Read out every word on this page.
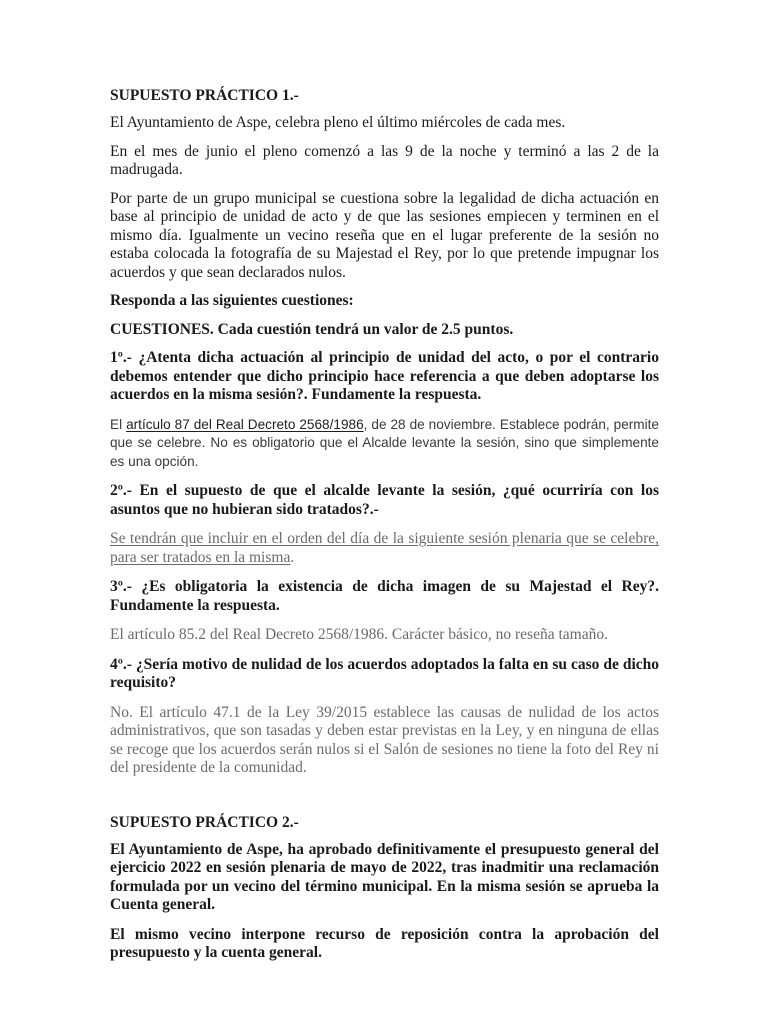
SUPUESTO PRÁCTICO 1.-

El Ayuntamiento de Aspe, celebra pleno el último miércoles de cada mes.

En el mes de junio el pleno comenzó a las 9 de la noche y terminó a las 2 de la madrugada.

Por parte de un grupo municipal se cuestiona sobre la legalidad de dicha actuación en base al principio de unidad de acto y de que las sesiones empiecen y terminen en el mismo día. Igualmente un vecino reseña que en el lugar preferente de la sesión no estaba colocada la fotografía de su Majestad el Rey, por lo que pretende impugnar los acuerdos y que sean declarados nulos.

Responda a las siguientes cuestiones:

CUESTIONES. Cada cuestión tendrá un valor de 2.5 puntos.

1º.- ¿Atenta dicha actuación al principio de unidad del acto, o por el contrario debemos entender que dicho principio hace referencia a que deben adoptarse los acuerdos en la misma sesión?. Fundamente la respuesta.

El artículo 87 del Real Decreto 2568/1986, de 28 de noviembre. Establece podrán, permite que se celebre. No es obligatorio que el Alcalde levante la sesión, sino que simplemente es una opción.

2º.- En el supuesto de que el alcalde levante la sesión, ¿qué ocurriría con los asuntos que no hubieran sido tratados?.-

Se tendrán que incluir en el orden del día de la siguiente sesión plenaria que se celebre, para ser tratados en la misma.

3º.- ¿Es obligatoria la existencia de dicha imagen de su Majestad el Rey?. Fundamente la respuesta.

El artículo 85.2 del Real Decreto 2568/1986. Carácter básico, no reseña tamaño.

4º.- ¿Sería motivo de nulidad de los acuerdos adoptados la falta en su caso de dicho requisito?

No. El artículo 47.1 de la Ley 39/2015 establece las causas de nulidad de los actos administrativos, que son tasadas y deben estar previstas en la Ley, y en ninguna de ellas se recoge que los acuerdos serán nulos si el Salón de sesiones no tiene la foto del Rey ni del presidente de la comunidad.

SUPUESTO PRÁCTICO 2.-

El Ayuntamiento de Aspe, ha aprobado definitivamente el presupuesto general del ejercicio 2022 en sesión plenaria de mayo de 2022, tras inadmitir una reclamación formulada por un vecino del término municipal. En la misma sesión se aprueba la Cuenta general.

El mismo vecino interpone recurso de reposición contra la aprobación del presupuesto y la cuenta general.
